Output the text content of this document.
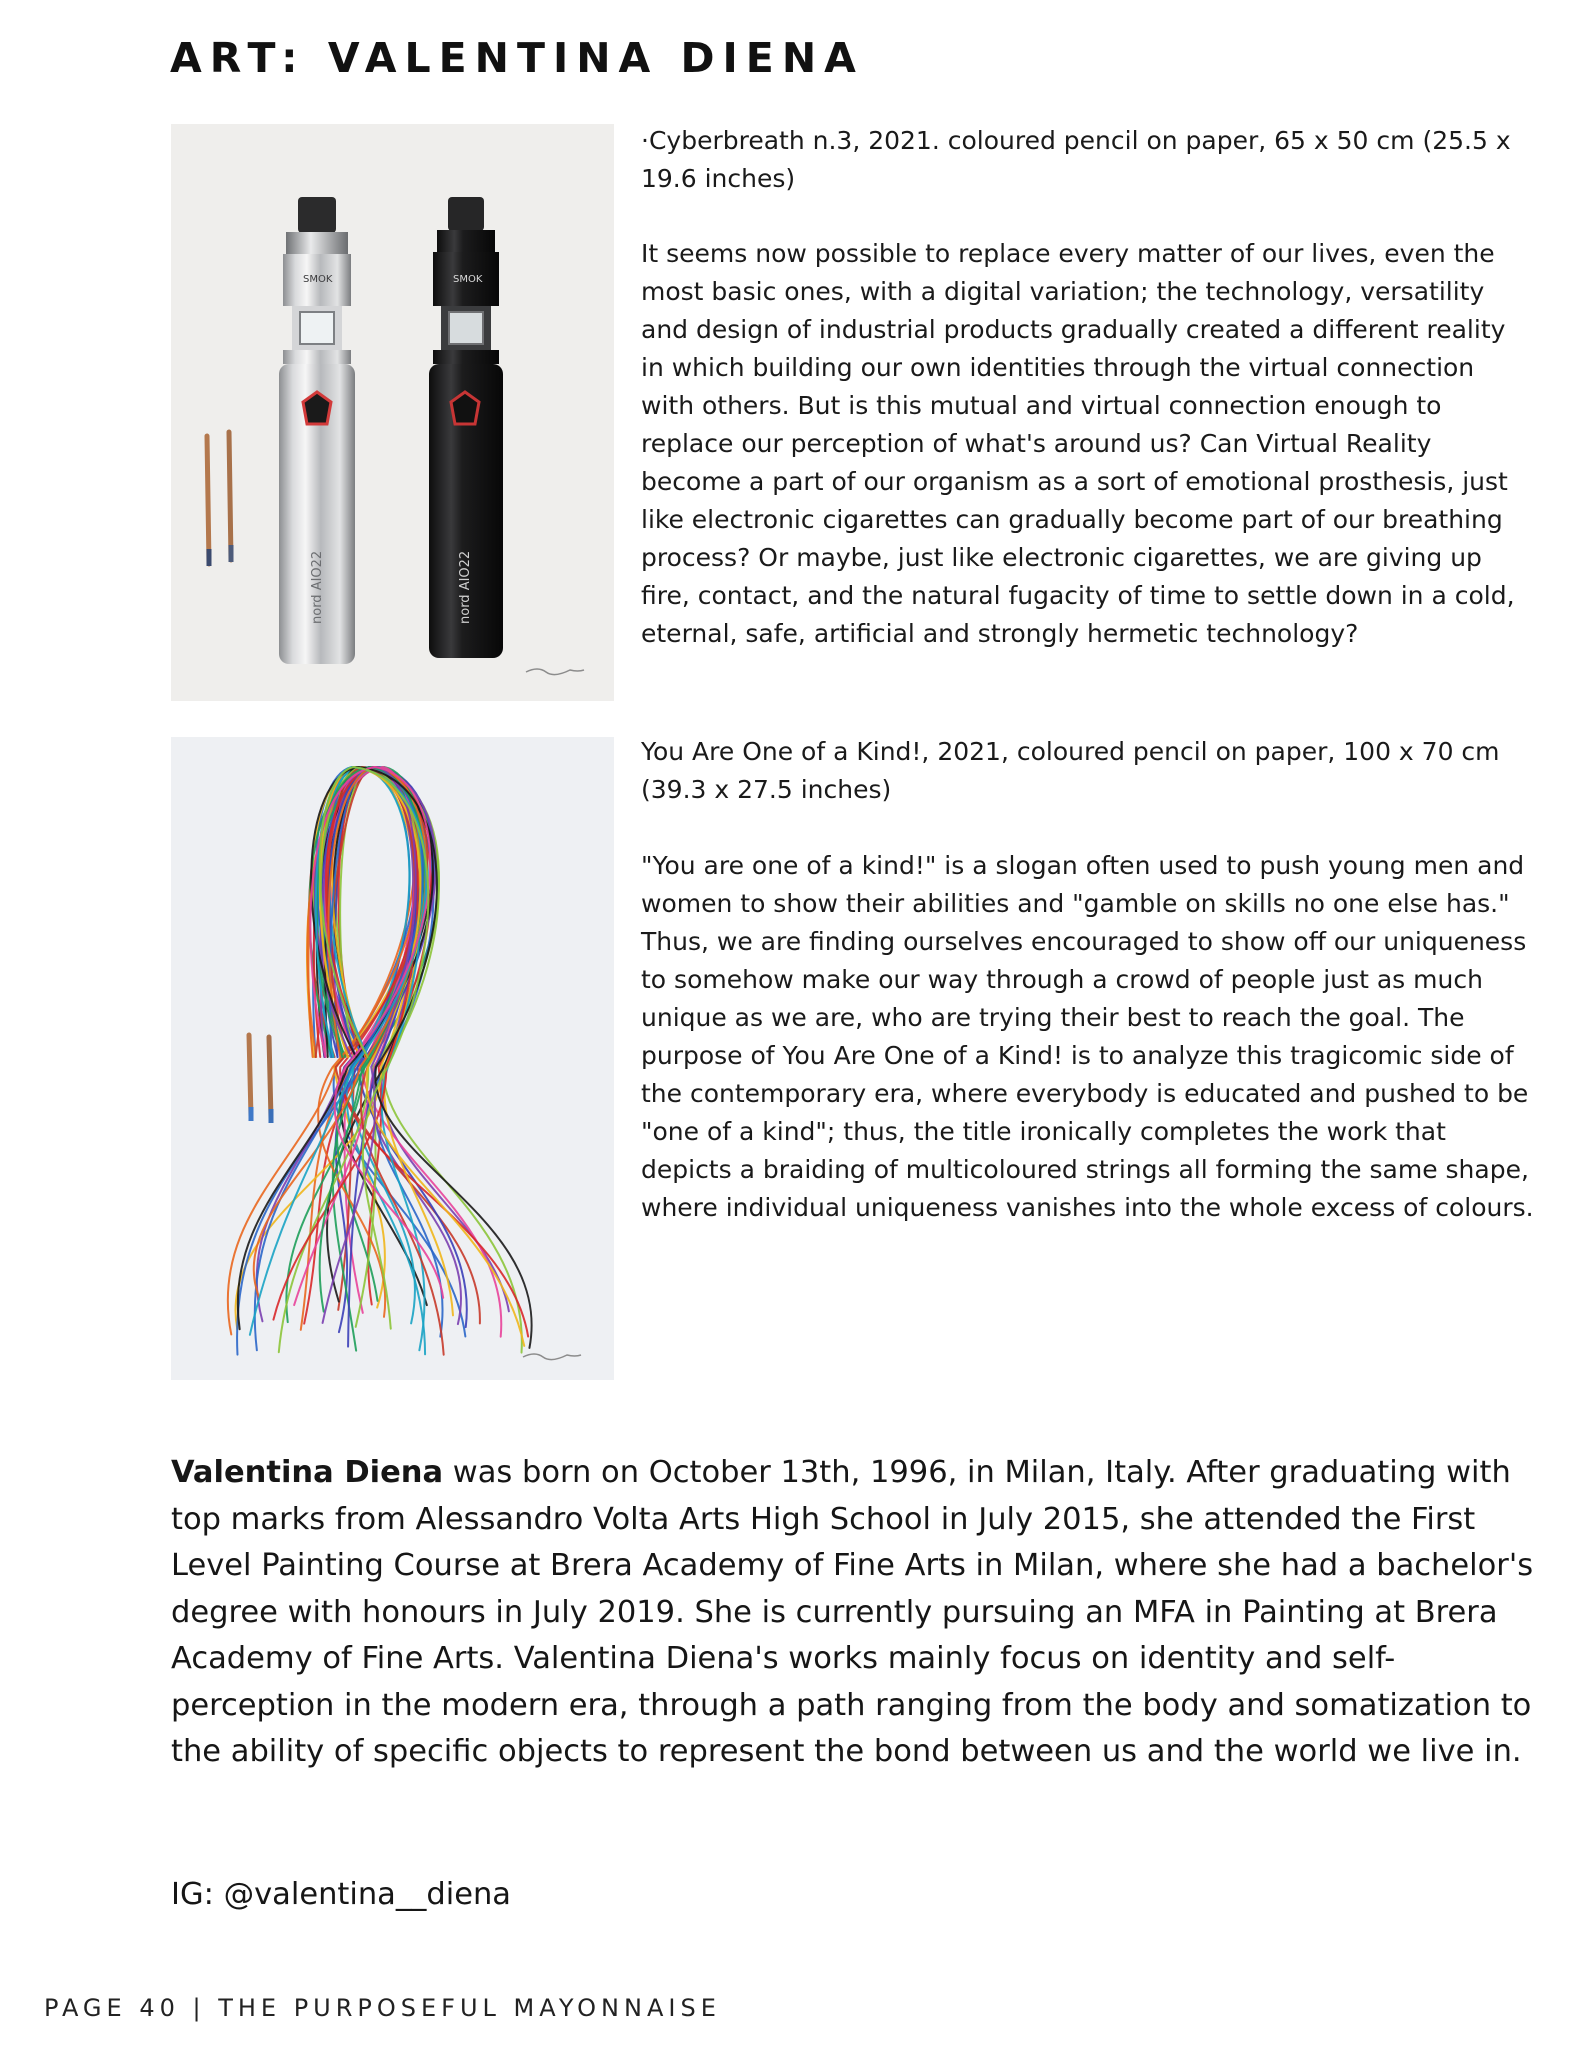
ART: VALENTINA DIENA
SMOK
nord AIO22
SMOK
nord AIO22

·Cyberbreath n.3, 2021. coloured pencil on paper, 65 x 50 cm (25.5 x 19.6 inches)

It seems now possible to replace every matter of our lives, even the most basic ones, with a digital variation; the technology, versatility and design of industrial products gradually created a different reality in which building our own identities through the virtual connection with others. But is this mutual and virtual connection enough to replace our perception of what's around us? Can Virtual Reality become a part of our organism as a sort of emotional prosthesis, just like electronic cigarettes can gradually become part of our breathing process? Or maybe, just like electronic cigarettes, we are giving up fire, contact, and the natural fugacity of time to settle down in a cold, eternal, safe, artificial and strongly hermetic technology?

You Are One of a Kind!, 2021, coloured pencil on paper, 100 x 70 cm (39.3 x 27.5 inches)

"You are one of a kind!" is a slogan often used to push young men and women to show their abilities and "gamble on skills no one else has." Thus, we are finding ourselves encouraged to show off our uniqueness to somehow make our way through a crowd of people just as much unique as we are, who are trying their best to reach the goal. The purpose of You Are One of a Kind! is to analyze this tragicomic side of the contemporary era, where everybody is educated and pushed to be "one of a kind"; thus, the title ironically completes the work that depicts a braiding of multicoloured strings all forming the same shape, where individual uniqueness vanishes into the whole excess of colours.

Valentina Diena was born on October 13th, 1996, in Milan, Italy. After graduating with top marks from Alessandro Volta Arts High School in July 2015, she attended the First Level Painting Course at Brera Academy of Fine Arts in Milan, where she had a bachelor's degree with honours in July 2019. She is currently pursuing an MFA in Painting at Brera Academy of Fine Arts. Valentina Diena's works mainly focus on identity and self-perception in the modern era, through a path ranging from the body and somatization to the ability of specific objects to represent the bond between us and the world we live in.

IG: @valentina__diena

PAGE 40 | THE PURPOSEFUL MAYONNAISE
